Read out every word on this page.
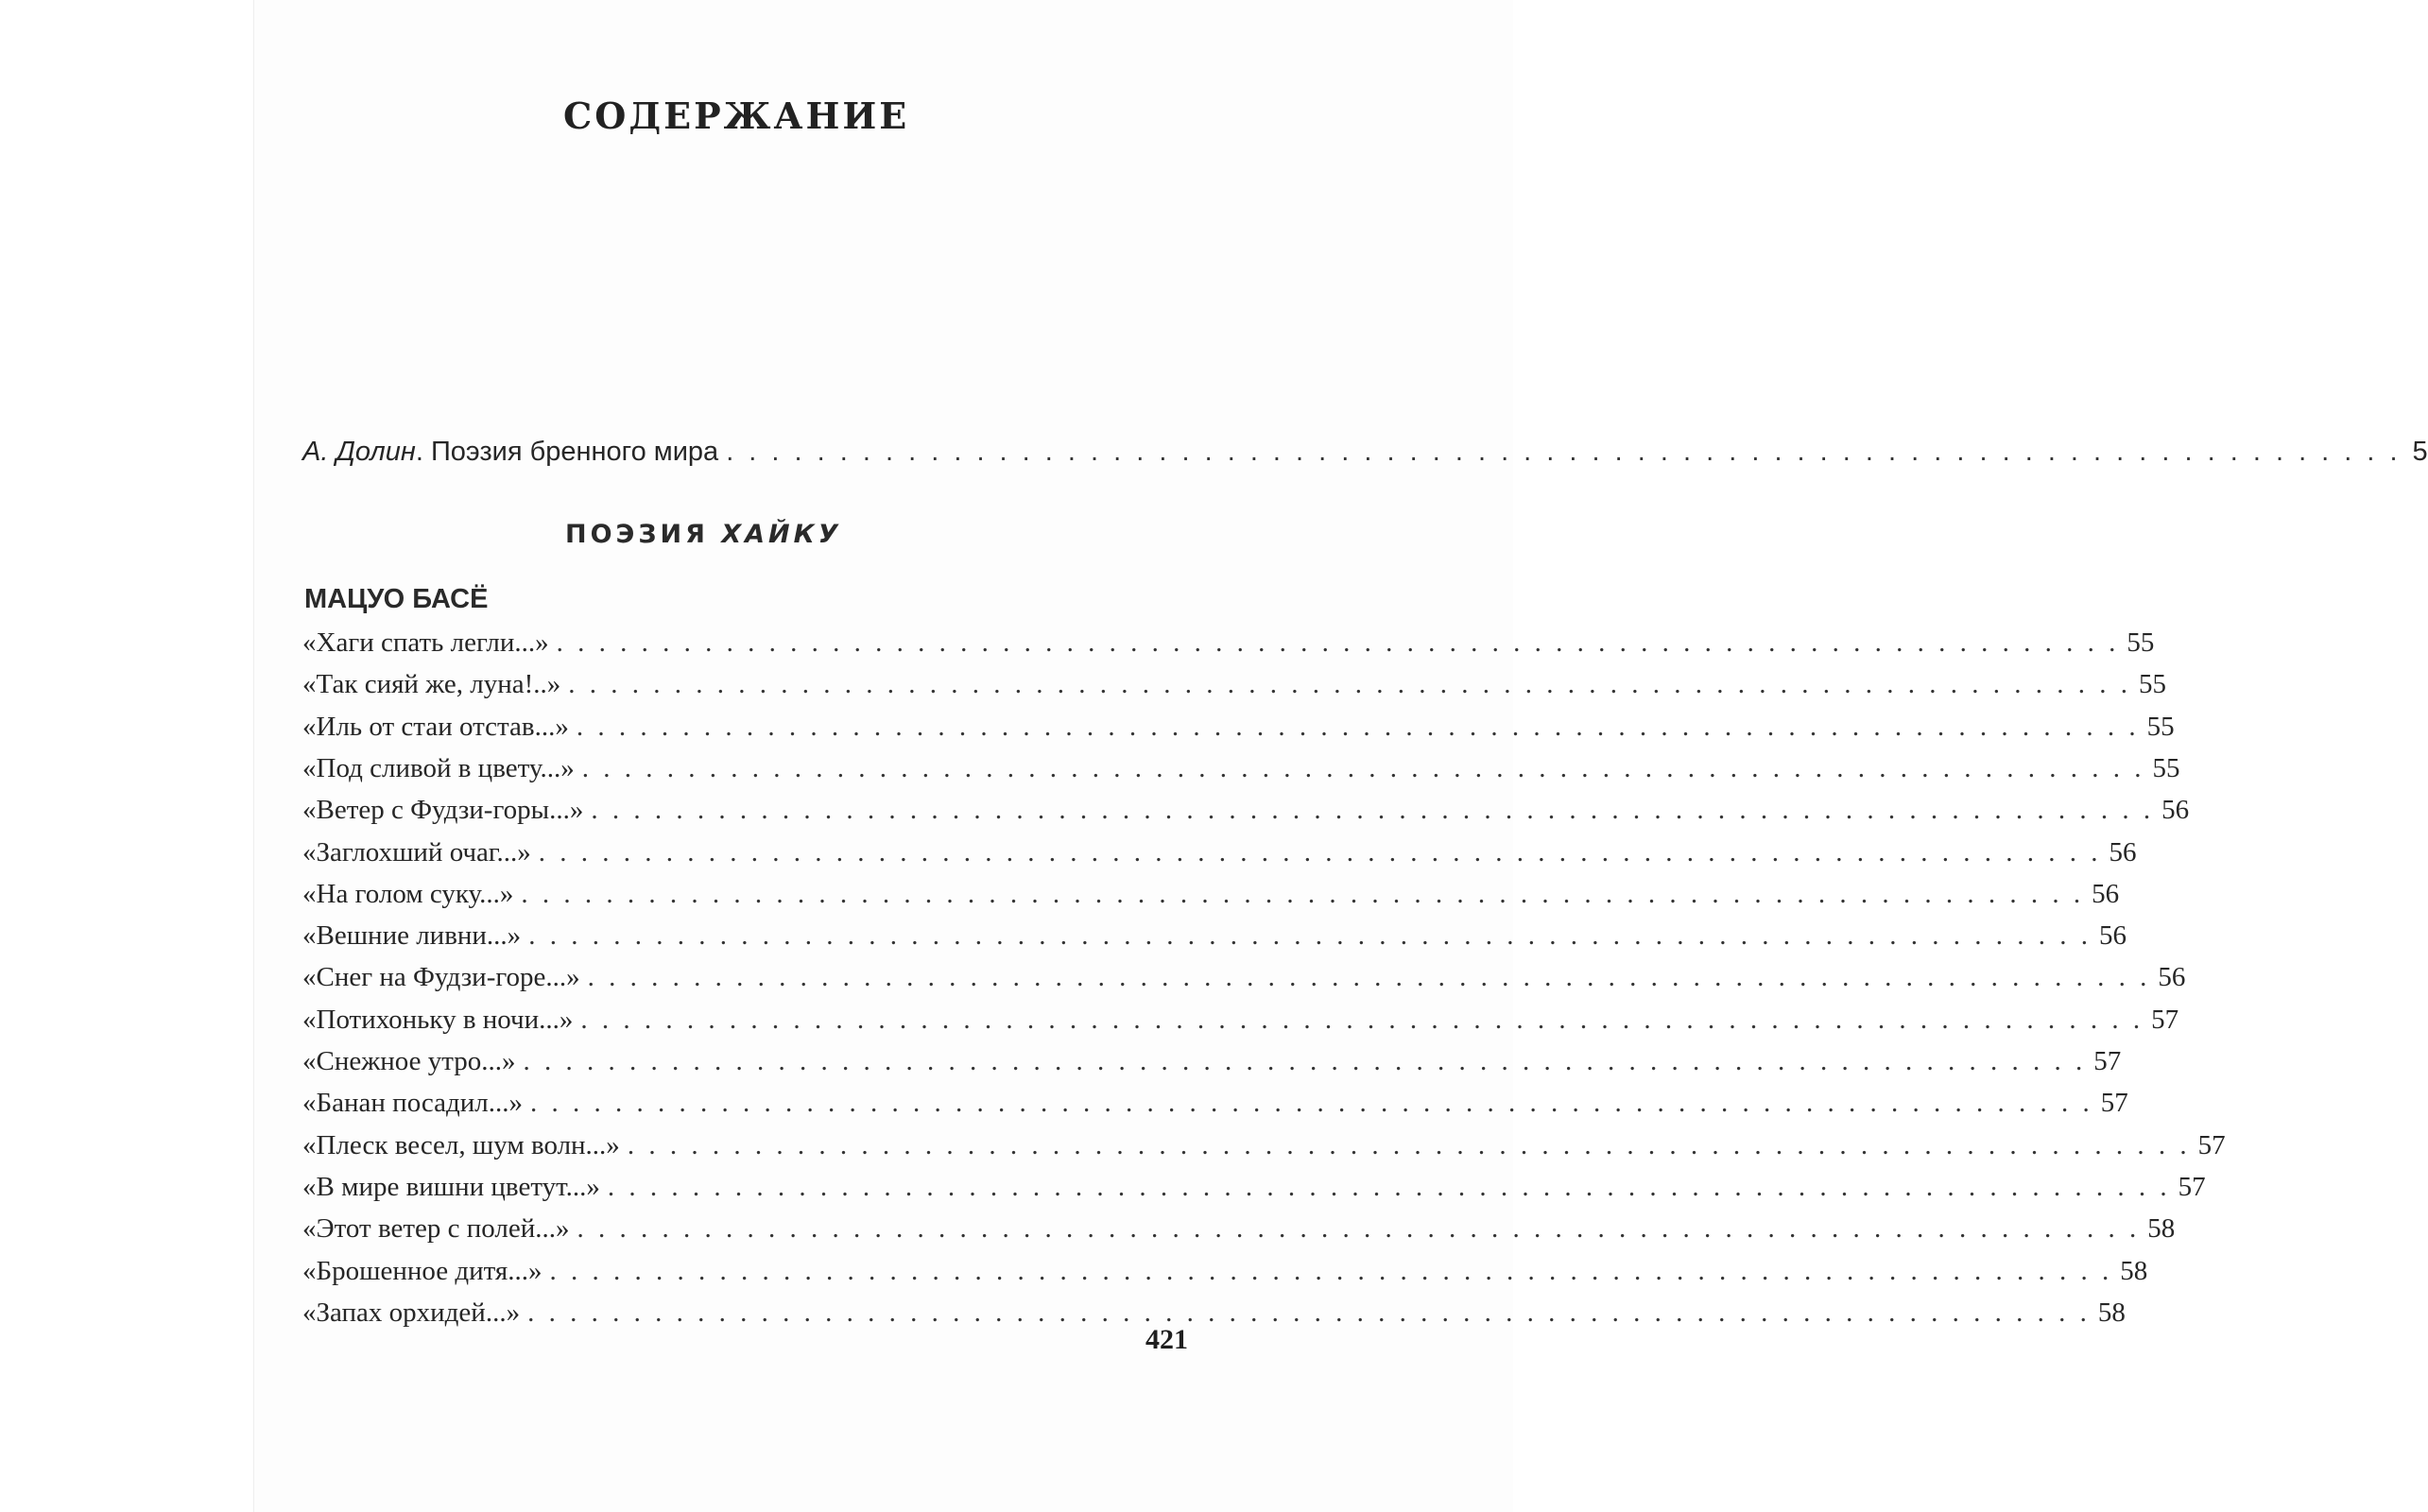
СОДЕРЖАНИЕ
А. Долин. Поэзия бренного мира . . . . . . . . . . . . . . . . . . . . . . . . . . . . . . . . . . . . . . . . . . . . . . . . . . . . . . . . . . . . . . . . . . . . . . . . . . 5
ПОЭЗИЯ ХАЙКУ
МАЦУО БАСЁ
«Хаги спать легли...» . . . . . . . . . . . . . . . . . . . . . . . . . . . . . . . . . . . . . . . . . . . . . . . . . . . . . . . . . . . . . . . . . . . . . . . . . . 55
«Так сияй же, луна!..» . . . . . . . . . . . . . . . . . . . . . . . . . . . . . . . . . . . . . . . . . . . . . . . . . . . . . . . . . . . . . . . . . . . . . . . . . . 55
«Иль от стаи отстав...» . . . . . . . . . . . . . . . . . . . . . . . . . . . . . . . . . . . . . . . . . . . . . . . . . . . . . . . . . . . . . . . . . . . . . . . . . . 55
«Под сливой в цвету...» . . . . . . . . . . . . . . . . . . . . . . . . . . . . . . . . . . . . . . . . . . . . . . . . . . . . . . . . . . . . . . . . . . . . . . . . . . 55
«Ветер с Фудзи-горы...» . . . . . . . . . . . . . . . . . . . . . . . . . . . . . . . . . . . . . . . . . . . . . . . . . . . . . . . . . . . . . . . . . . . . . . . . . . 56
«Заглохший очаг...» . . . . . . . . . . . . . . . . . . . . . . . . . . . . . . . . . . . . . . . . . . . . . . . . . . . . . . . . . . . . . . . . . . . . . . . . . . 56
«На голом суку...» . . . . . . . . . . . . . . . . . . . . . . . . . . . . . . . . . . . . . . . . . . . . . . . . . . . . . . . . . . . . . . . . . . . . . . . . . . 56
«Вешние ливни...» . . . . . . . . . . . . . . . . . . . . . . . . . . . . . . . . . . . . . . . . . . . . . . . . . . . . . . . . . . . . . . . . . . . . . . . . . . 56
«Снег на Фудзи-горе...» . . . . . . . . . . . . . . . . . . . . . . . . . . . . . . . . . . . . . . . . . . . . . . . . . . . . . . . . . . . . . . . . . . . . . . . . . . 56
«Потихоньку в ночи...» . . . . . . . . . . . . . . . . . . . . . . . . . . . . . . . . . . . . . . . . . . . . . . . . . . . . . . . . . . . . . . . . . . . . . . . . . . 57
«Снежное утро...» . . . . . . . . . . . . . . . . . . . . . . . . . . . . . . . . . . . . . . . . . . . . . . . . . . . . . . . . . . . . . . . . . . . . . . . . . . 57
«Банан посадил...» . . . . . . . . . . . . . . . . . . . . . . . . . . . . . . . . . . . . . . . . . . . . . . . . . . . . . . . . . . . . . . . . . . . . . . . . . . 57
«Плеск весел, шум волн...» . . . . . . . . . . . . . . . . . . . . . . . . . . . . . . . . . . . . . . . . . . . . . . . . . . . . . . . . . . . . . . . . . . . . . . . . . . 57
«В мире вишни цветут...» . . . . . . . . . . . . . . . . . . . . . . . . . . . . . . . . . . . . . . . . . . . . . . . . . . . . . . . . . . . . . . . . . . . . . . . . . . 57
«Этот ветер с полей...» . . . . . . . . . . . . . . . . . . . . . . . . . . . . . . . . . . . . . . . . . . . . . . . . . . . . . . . . . . . . . . . . . . . . . . . . . . 58
«Брошенное дитя...» . . . . . . . . . . . . . . . . . . . . . . . . . . . . . . . . . . . . . . . . . . . . . . . . . . . . . . . . . . . . . . . . . . . . . . . . . . 58
«Запах орхидей...» . . . . . . . . . . . . . . . . . . . . . . . . . . . . . . . . . . . . . . . . . . . . . . . . . . . . . . . . . . . . . . . . . . . . . . . . . . 58
421
